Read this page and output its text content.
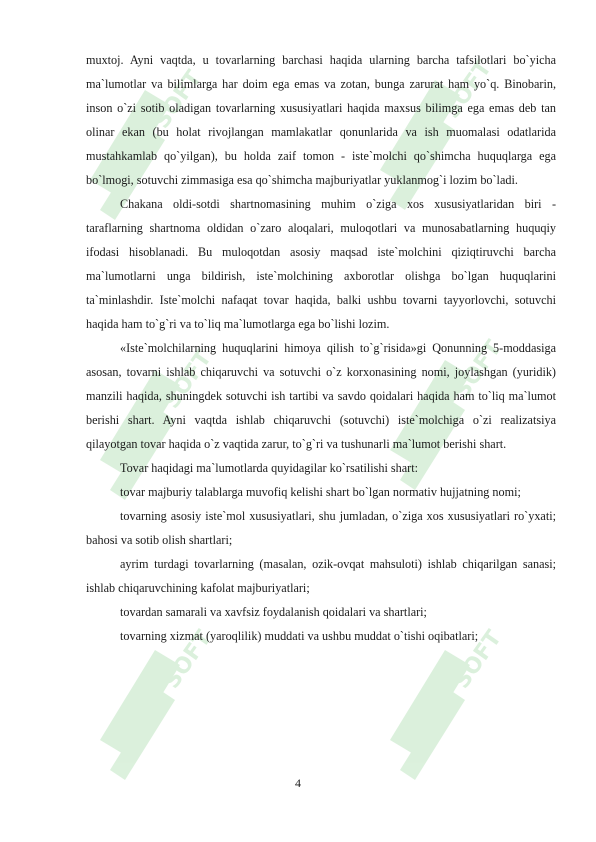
SOFT	SOFT
SOFT	SOFT
SOFT	SOFT

muxtoj. Ayni vaqtda, u tovarlarning barchasi haqida ularning barcha tafsilotlari bo`yicha ma`lumotlar va bilimlarga har doim ega emas va zotan, bunga zarurat ham yo`q. Binobarin, inson o`zi sotib oladigan tovarlarning xususiyatlari haqida maxsus bilimga ega emas deb tan olinar ekan (bu holat rivojlangan mamlakatlar qonunlarida va ish muomalasi odatlarida mustahkamlab qo`yilgan), bu holda zaif tomon - iste`molchi qo`shimcha huquqlarga ega bo`lmogi, sotuvchi zimmasiga esa qo`shimcha majburiyatlar yuklanmog`i lozim bo`ladi.

Chakana oldi-sotdi shartnomasining muhim o`ziga xos xususiyatlaridan biri - taraflarning shartnoma oldidan o`zaro aloqalari, muloqotlari va munosabatlarning huquqiy ifodasi hisoblanadi. Bu muloqotdan asosiy maqsad iste`molchini qiziqtiruvchi barcha ma`lumotlarni unga bildirish, iste`molchining axborotlar olishga bo`lgan huquqlarini ta`minlashdir. Iste`molchi nafaqat tovar haqida, balki ushbu tovarni tayyorlovchi, sotuvchi haqida ham to`g`ri va to`liq ma`lumotlarga ega bo`lishi lozim.

«Iste`molchilarning huquqlarini himoya qilish to`g`risida»gi Qonunning 5-moddasiga asosan, tovarni ishlab chiqaruvchi va sotuvchi o`z korxonasining nomi, joylashgan (yuridik) manzili haqida, shuningdek sotuvchi ish tartibi va savdo qoidalari haqida ham to`liq ma`lumot berishi shart. Ayni vaqtda ishlab chiqaruvchi (sotuvchi) iste`molchiga o`zi realizatsiya qilayotgan tovar haqida o`z vaqtida zarur, to`g`ri va tushunarli ma`lumot berishi shart.

Tovar haqidagi ma`lumotlarda quyidagilar ko`rsatilishi shart:

tovar majburiy talablarga muvofiq kelishi shart bo`lgan normativ hujjatning nomi;

tovarning asosiy iste`mol xususiyatlari, shu jumladan, o`ziga xos xususiyatlari ro`yxati; bahosi va sotib olish shartlari;

ayrim turdagi tovarlarning (masalan, ozik-ovqat mahsuloti) ishlab chiqarilgan sanasi; ishlab chiqaruvchining kafolat majburiyatlari;

tovardan samarali va xavfsiz foydalanish qoidalari va shartlari;

tovarning xizmat (yaroqlilik) muddati va ushbu muddat o`tishi oqibatlari;

4
